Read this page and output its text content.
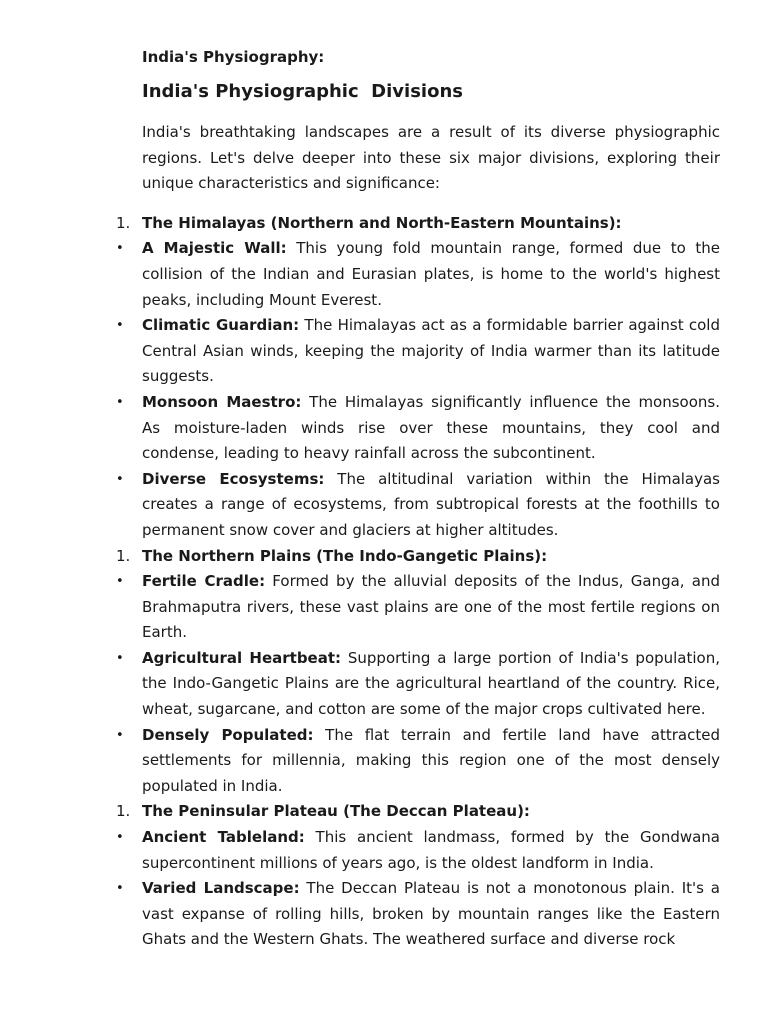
India's Physiography:
India's Physiographic  Divisions

India's breathtaking landscapes are a result of its diverse physiographic regions. Let's delve deeper into these six major divisions, exploring their unique characteristics and significance:

1. The Himalayas (Northern and North-Eastern Mountains):

• A Majestic Wall: This young fold mountain range, formed due to the collision of the Indian and Eurasian plates, is home to the world's highest peaks, including Mount Everest.

• Climatic Guardian: The Himalayas act as a formidable barrier against cold Central Asian winds, keeping the majority of India warmer than its latitude suggests.

• Monsoon Maestro: The Himalayas significantly influence the monsoons. As moisture-laden winds rise over these mountains, they cool and condense, leading to heavy rainfall across the subcontinent.

• Diverse Ecosystems: The altitudinal variation within the Himalayas creates a range of ecosystems, from subtropical forests at the foothills to permanent snow cover and glaciers at higher altitudes.

1. The Northern Plains (The Indo-Gangetic Plains):

• Fertile Cradle: Formed by the alluvial deposits of the Indus, Ganga, and Brahmaputra rivers, these vast plains are one of the most fertile regions on Earth.

• Agricultural Heartbeat: Supporting a large portion of India's population, the Indo-Gangetic Plains are the agricultural heartland of the country. Rice, wheat, sugarcane, and cotton are some of the major crops cultivated here.

• Densely Populated: The flat terrain and fertile land have attracted settlements for millennia, making this region one of the most densely populated in India.

1. The Peninsular Plateau (The Deccan Plateau):

• Ancient Tableland: This ancient landmass, formed by the Gondwana supercontinent millions of years ago, is the oldest landform in India.

• Varied Landscape: The Deccan Plateau is not a monotonous plain. It's a vast expanse of rolling hills, broken by mountain ranges like the Eastern Ghats and the Western Ghats. The weathered surface and diverse rock
